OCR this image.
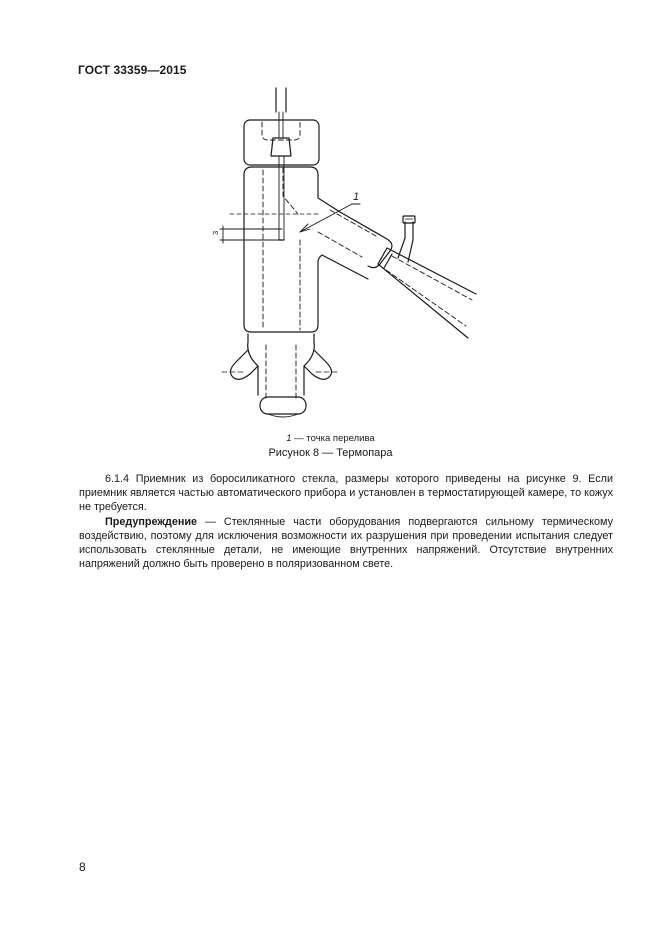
ГОСТ 33359—2015
3
1
1 — точка перелива
Рисунок 8 — Термопара

6.1.4 Приемник из боросиликатного стекла, размеры которого приведены на рисунке 9. Если приемник является частью автоматического прибора и установлен в термостатирующей камере, то кожух не требуется.

Предупреждение — Стеклянные части оборудования подвергаются сильному термическому воздействию, поэтому для исключения возможности их разрушения при проведении испытания следует использовать стеклянные детали, не имеющие внутренних напряжений. Отсутствие внутренних напряжений должно быть проверено в поляризованном свете.

8
